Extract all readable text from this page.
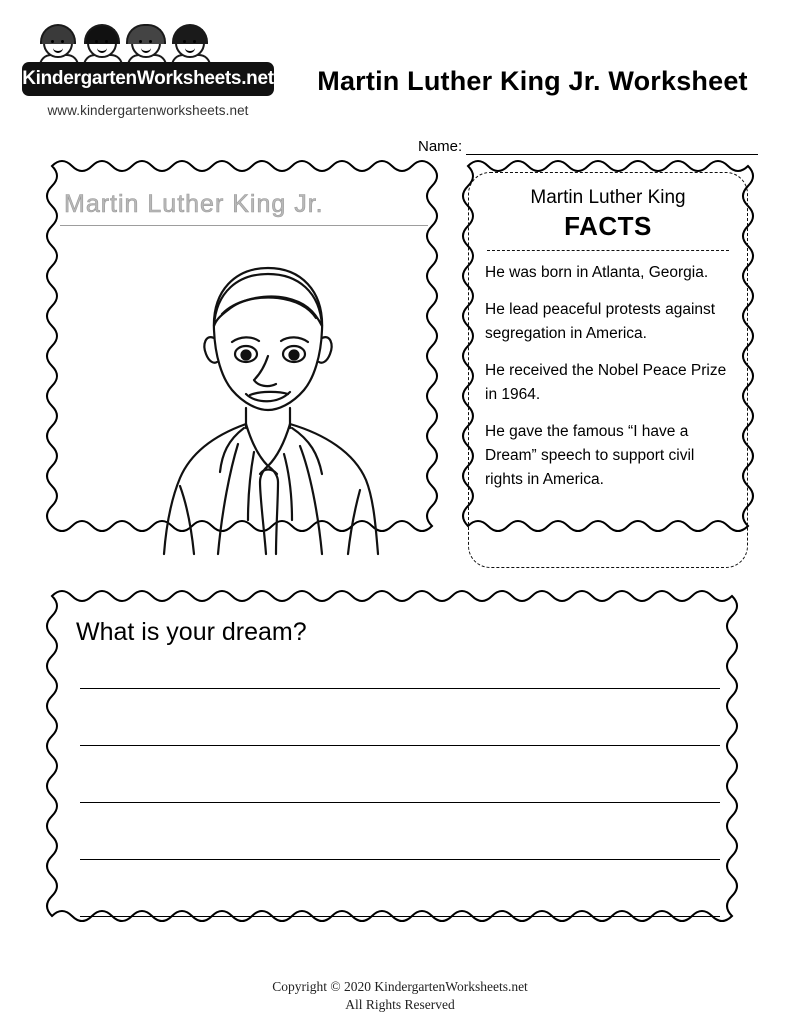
KindergartenWorksheets.net
www.kindergartenworksheets.net
Martin Luther King Jr. Worksheet
Name:
Martin Luther King Jr.	Martin Luther King
FACTS
He was born in Atlanta, Georgia.
He lead peaceful protests against segregation in America.
He received the Nobel Peace Prize in 1964.
He gave the famous “I have a Dream” speech to support civil rights in America.
What is your dream?
Copyright © 2020 KindergartenWorksheets.net
All Rights Reserved
